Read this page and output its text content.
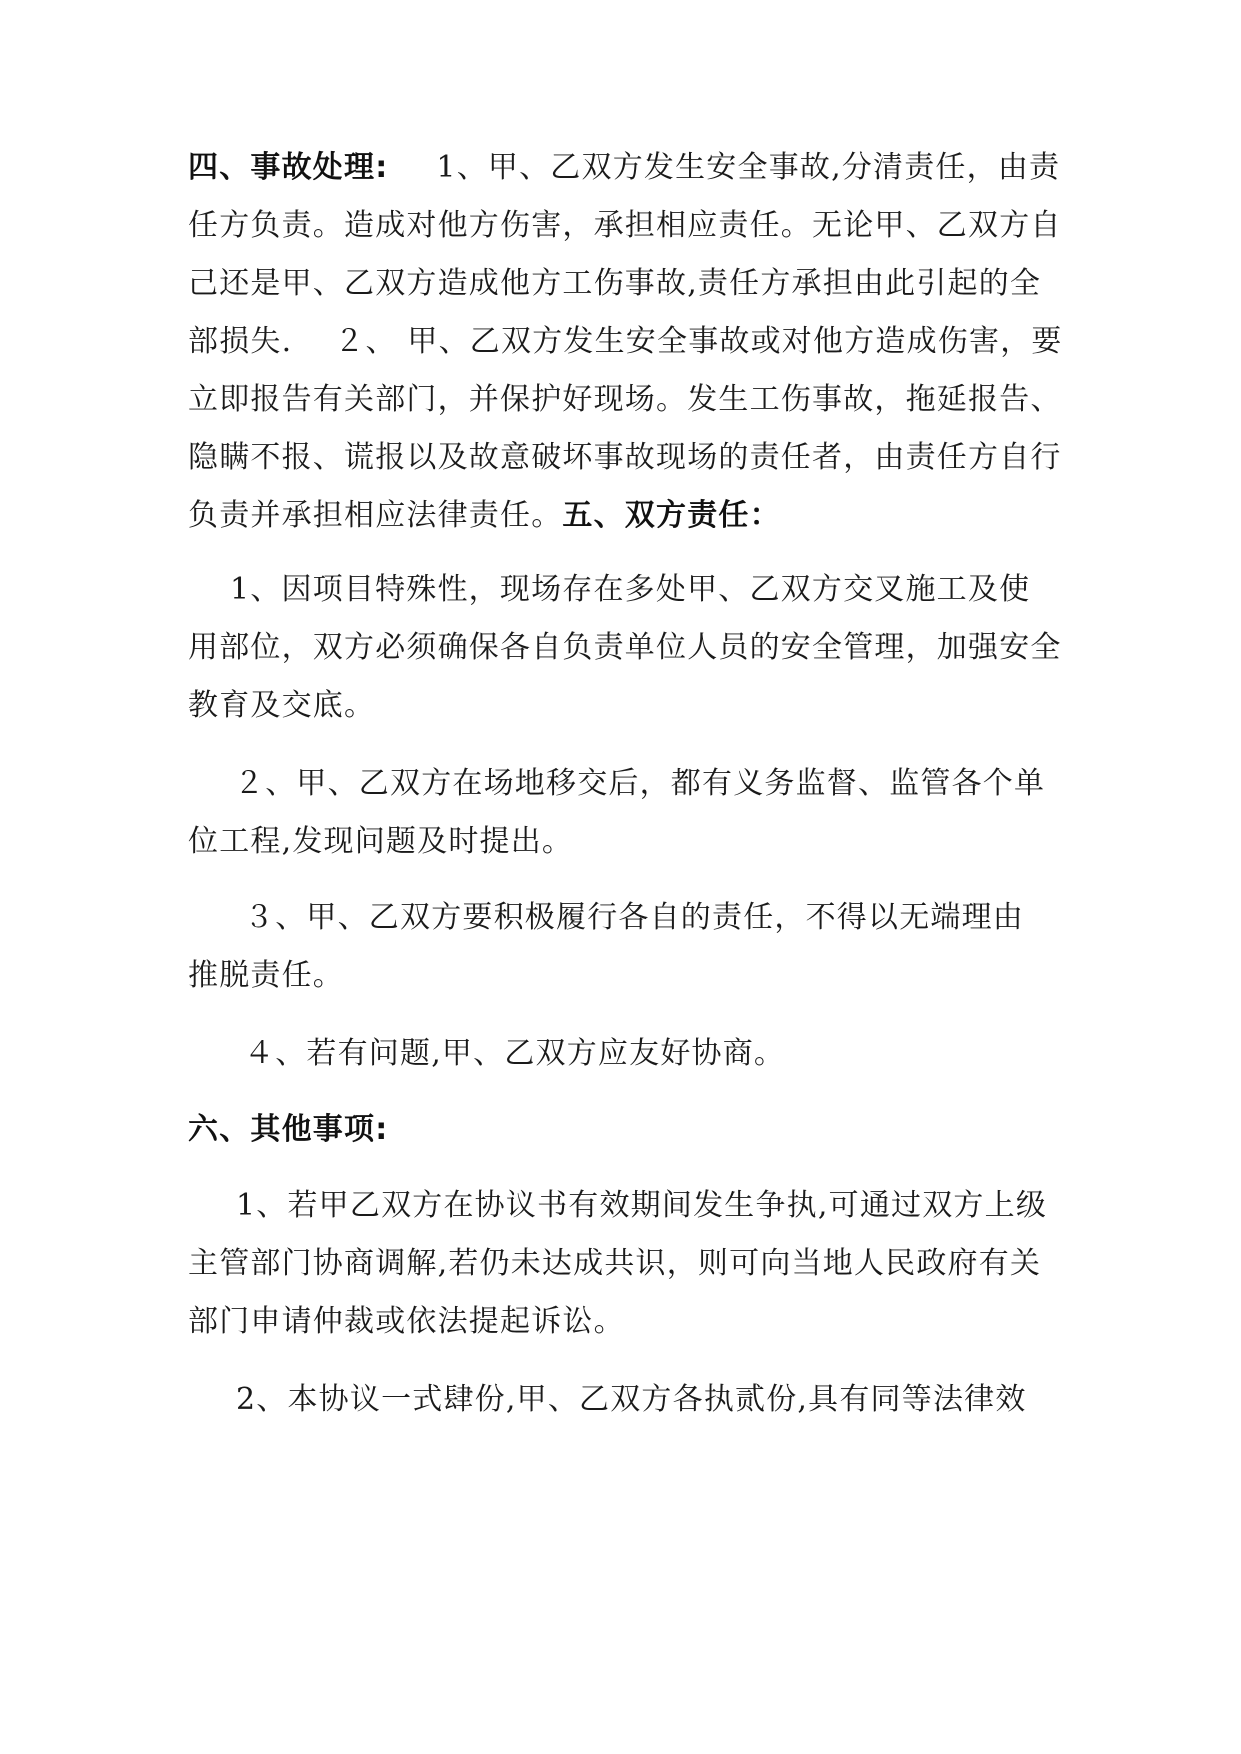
四、事故处理: 1、甲、乙双方发生安全事故,分清责任，由责
任方负责。造成对他方伤害，承担相应责任。无论甲、乙双方自
己还是甲、乙双方造成他方工伤事故,责任方承担由此引起的全
部损失.　 ２、 甲、乙双方发生安全事故或对他方造成伤害，要
立即报告有关部门，并保护好现场。发生工伤事故，拖延报告、
隐瞒不报、谎报以及故意破坏事故现场的责任者，由责任方自行
负责并承担相应法律责任。五、双方责任：
1、因项目特殊性，现场存在多处甲、乙双方交叉施工及使
用部位，双方必须确保各自负责单位人员的安全管理，加强安全
教育及交底。
２、甲、乙双方在场地移交后，都有义务监督、监管各个单
位工程,发现问题及时提出。
３、甲、乙双方要积极履行各自的责任，不得以无端理由
推脱责任。
４、若有问题,甲、乙双方应友好协商。
六、其他事项:
1、若甲乙双方在协议书有效期间发生争执,可通过双方上级
主管部门协商调解,若仍未达成共识，则可向当地人民政府有关
部门申请仲裁或依法提起诉讼。
2、本协议一式肆份,甲、乙双方各执贰份,具有同等法律效
